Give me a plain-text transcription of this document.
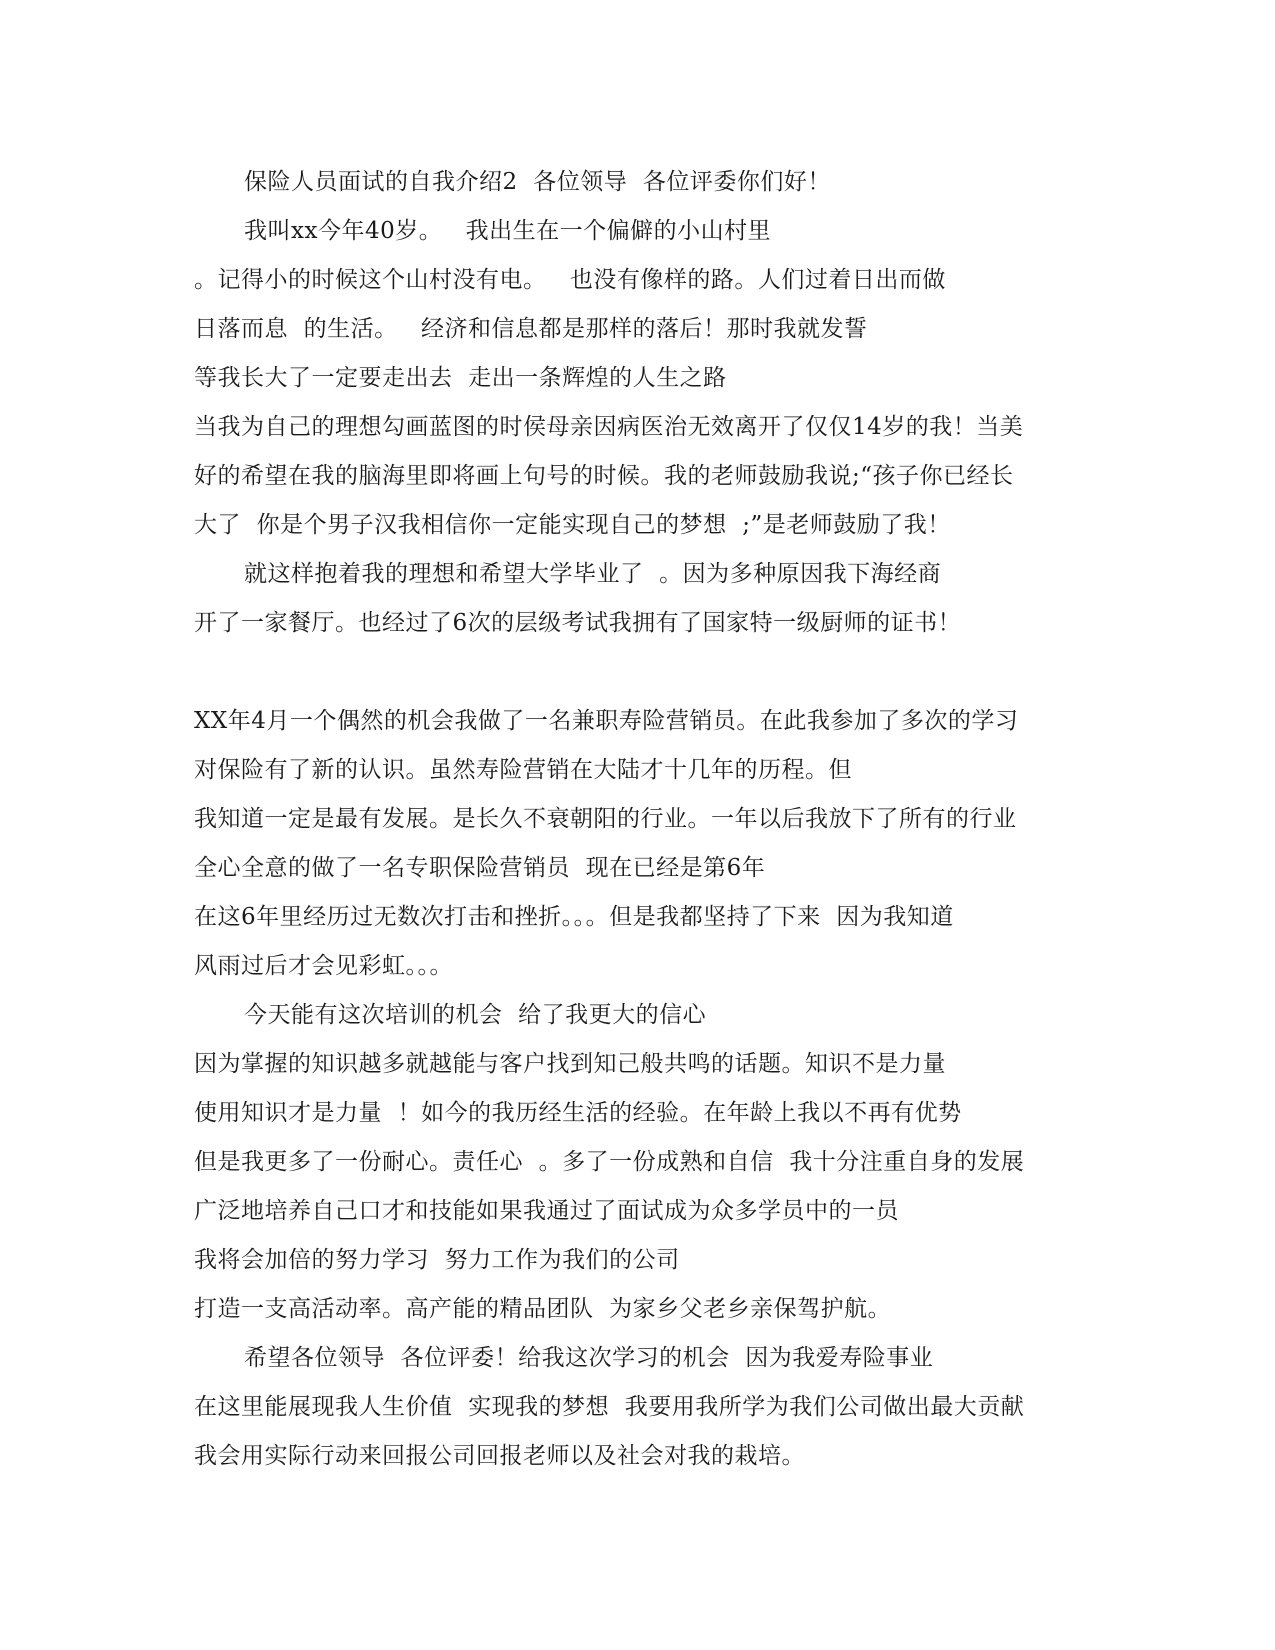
保险人员面试的自我介绍2  各位领导  各位评委你们好！
我叫xx今年40岁。   我出生在一个偏僻的小山村里
。记得小的时候这个山村没有电。   也没有像样的路。人们过着日出而做
日落而息  的生活。   经济和信息都是那样的落后！那时我就发誓
等我长大了一定要走出去  走出一条辉煌的人生之路
当我为自己的理想勾画蓝图的时侯母亲因病医治无效离开了仅仅14岁的我！当美
好的希望在我的脑海里即将画上句号的时候。我的老师鼓励我说;“孩子你已经长
大了  你是个男子汉我相信你一定能实现自己的梦想  ;”是老师鼓励了我！
就这样抱着我的理想和希望大学毕业了  。因为多种原因我下海经商
开了一家餐厅。也经过了6次的层级考试我拥有了国家特一级厨师的证书！
XX年4月一个偶然的机会我做了一名兼职寿险营销员。在此我参加了多次的学习
对保险有了新的认识。虽然寿险营销在大陆才十几年的历程。但
我知道一定是最有发展。是长久不衰朝阳的行业。一年以后我放下了所有的行业
全心全意的做了一名专职保险营销员  现在已经是第6年
在这6年里经历过无数次打击和挫折。。。但是我都坚持了下来  因为我知道
风雨过后才会见彩虹。。。
今天能有这次培训的机会  给了我更大的信心
因为掌握的知识越多就越能与客户找到知己般共鸣的话题。知识不是力量
使用知识才是力量  ！如今的我历经生活的经验。在年龄上我以不再有优势
但是我更多了一份耐心。责任心  。多了一份成熟和自信  我十分注重自身的发展
广泛地培养自己口才和技能如果我通过了面试成为众多学员中的一员
我将会加倍的努力学习  努力工作为我们的公司
打造一支高活动率。高产能的精品团队  为家乡父老乡亲保驾护航。
希望各位领导  各位评委！给我这次学习的机会  因为我爱寿险事业
在这里能展现我人生价值  实现我的梦想  我要用我所学为我们公司做出最大贡献
我会用实际行动来回报公司回报老师以及社会对我的栽培。
